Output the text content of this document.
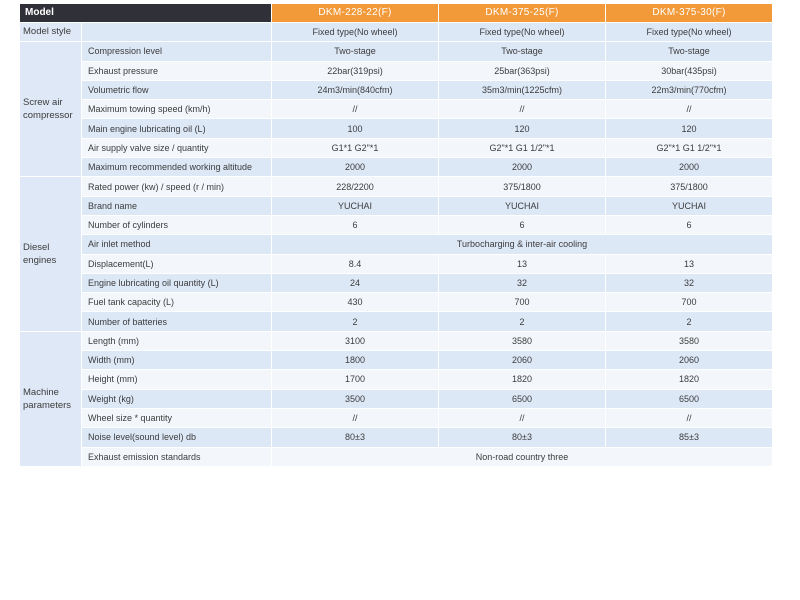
Model		DKM-228-22(F)	DKM-375-25(F)	DKM-375-30(F)
Model style		Fixed type(No wheel)	Fixed type(No wheel)	Fixed type(No wheel)
Screw air compressor	Compression level	Two-stage	Two-stage	Two-stage
	Exhaust pressure	22bar(319psi)	25bar(363psi)	30bar(435psi)
	Volumetric flow	24m3/min(840cfm)	35m3/min(1225cfm)	22m3/min(770cfm)
	Maximum towing speed (km/h)	//	//	//
	Main engine lubricating oil (L)	100	120	120
	Air supply valve size / quantity	G1*1 G2"*1	G2"*1 G1 1/2"*1	G2"*1 G1 1/2"*1
	Maximum recommended working altitude	2000	2000	2000
Diesel engines	Rated power (kw) / speed (r / min)	228/2200	375/1800	375/1800
	Brand name	YUCHAI	YUCHAI	YUCHAI
	Number of cylinders	6	6	6
	Air inlet method	Turbocharging & inter-air cooling		
	Displacement(L)	8.4	13	13
	Engine lubricating oil quantity (L)	24	32	32
	Fuel tank capacity (L)	430	700	700
	Number of batteries	2	2	2
Machine parameters	Length (mm)	3100	3580	3580
	Width (mm)	1800	2060	2060
	Height (mm)	1700	1820	1820
	Weight (kg)	3500	6500	6500
	Wheel size * quantity	//	//	//
	Noise level(sound level) db	80±3	80±3	85±3
	Exhaust emission standards	Non-road country three		
